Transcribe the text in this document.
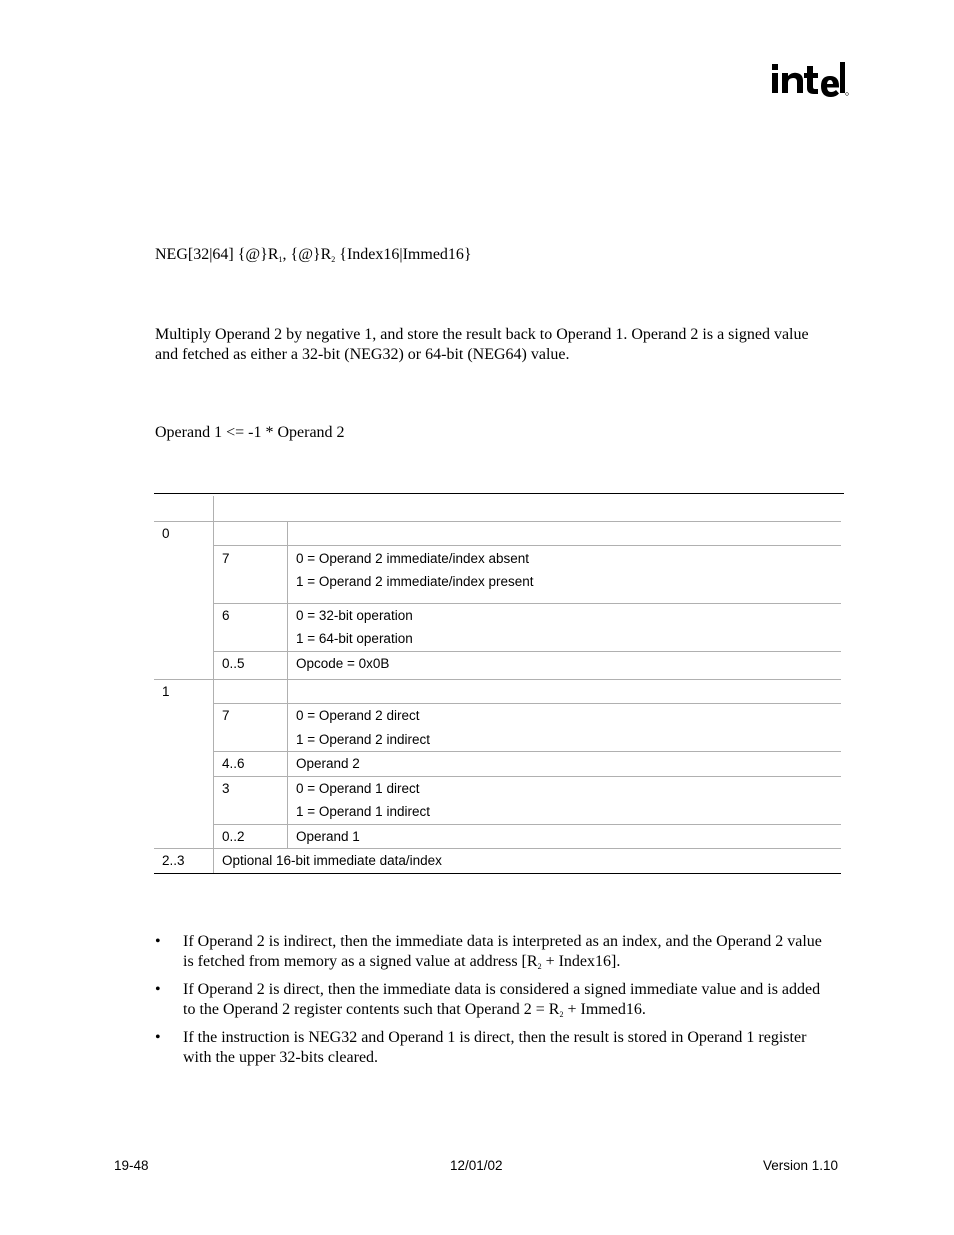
NEG[32|64] $\{@\}R_1$, $\{@\}R_2$ {Index16|Immed16}
Multiply Operand 2 by negative 1, and store the result back to Operand 1. Operand 2 is a signed value and fetched as either a 32-bit (NEG32) or 64-bit (NEG64) value.
Operand 1 <= -1 * Operand 2
0
7	0 = Operand 2 immediate/index absent
1 = Operand 2 immediate/index present
6	0 = 32-bit operation
1 = 64-bit operation
0..5	Opcode = 0x0B
1
7	0 = Operand 2 direct
1 = Operand 2 indirect
4..6	Operand 2
3	0 = Operand 1 direct
1 = Operand 1 indirect
0..2	Operand 1
2..3	Optional 16-bit immediate data/index
• If Operand 2 is indirect, then the immediate data is interpreted as an index, and the Operand 2 value is fetched from memory as a signed value at address [$R_2$ + Index16].
• If Operand 2 is direct, then the immediate data is considered a signed immediate value and is added to the Operand 2 register contents such that Operand $2 = R_2$ + Immed16.
• If the instruction is NEG32 and Operand 1 is direct, then the result is stored in Operand 1 register with the upper 32-bits cleared.
19-48	12/01/02	Version 1.10
